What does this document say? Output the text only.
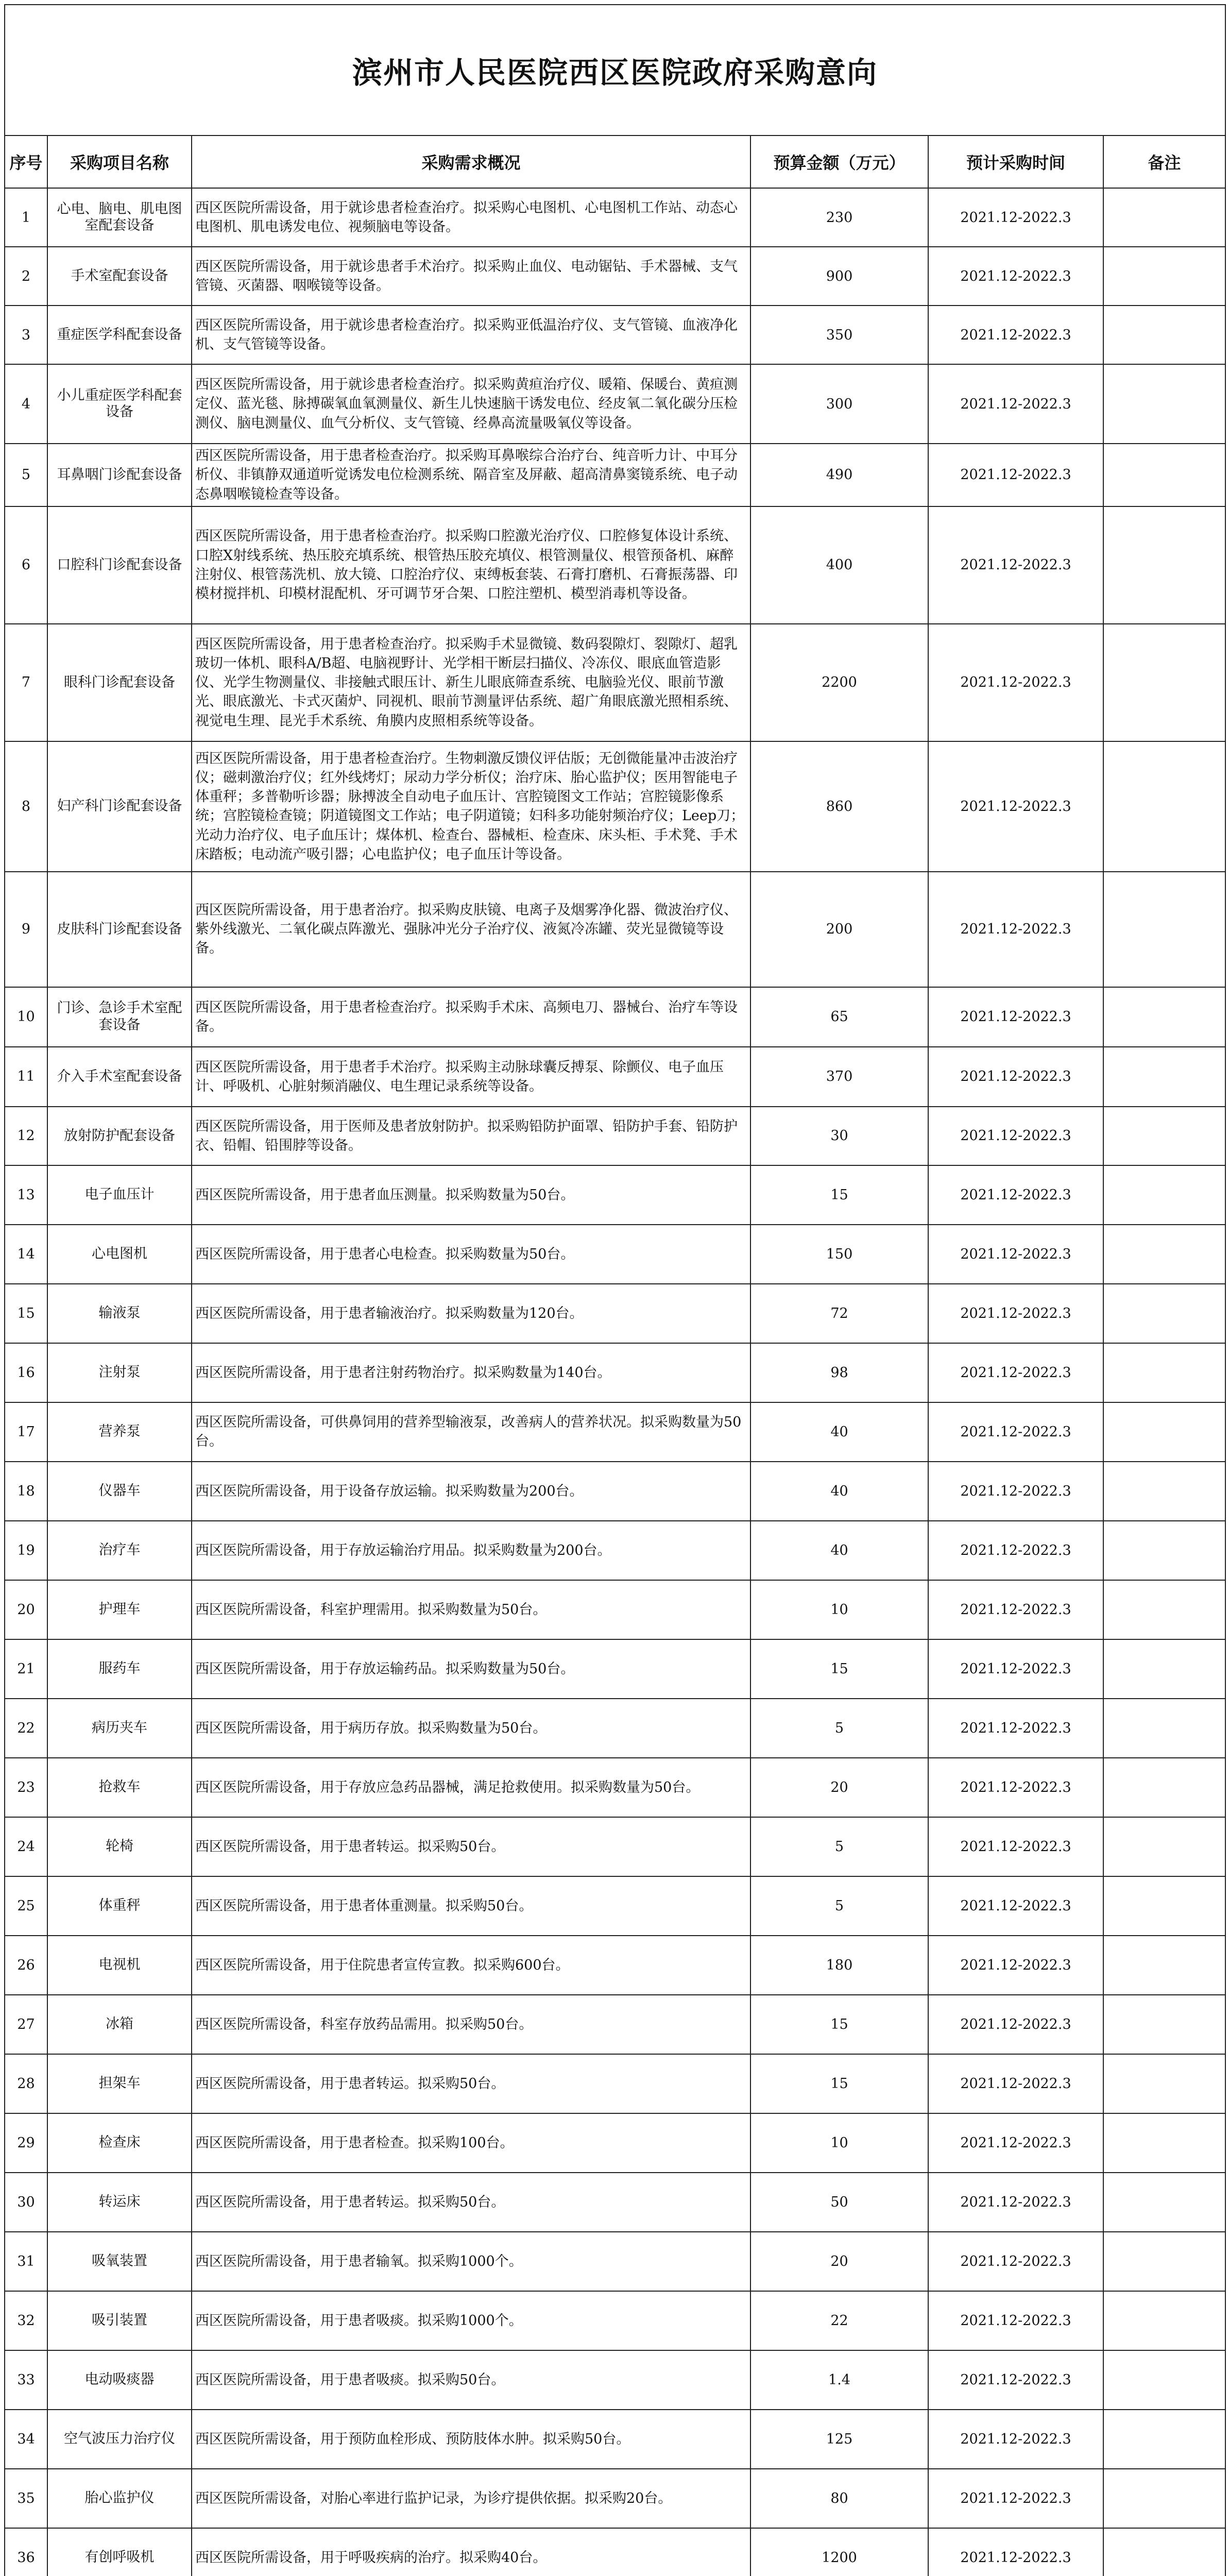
滨州市人民医院西区医院政府采购意向					
序号	采购项目名称	采购需求概况	预算金额（万元）	预计采购时间	备注
1	心电、脑电、肌电图室配套设备	西区医院所需设备，用于就诊患者检查治疗。拟采购心电图机、心电图机工作站、动态心电图机、肌电诱发电位、视频脑电等设备。	230	2021.12-2022.3	
2	手术室配套设备	西区医院所需设备，用于就诊患者手术治疗。拟采购止血仪、电动锯钻、手术器械、支气管镜、灭菌器、咽喉镜等设备。	900	2021.12-2022.3	
3	重症医学科配套设备	西区医院所需设备，用于就诊患者检查治疗。拟采购亚低温治疗仪、支气管镜、血液净化机、支气管镜等设备。	350	2021.12-2022.3	
4	小儿重症医学科配套设备	西区医院所需设备，用于就诊患者检查治疗。拟采购黄疸治疗仪、暖箱、保暖台、黄疸测定仪、蓝光毯、脉搏碳氧血氧测量仪、新生儿快速脑干诱发电位、经皮氧二氧化碳分压检测仪、脑电测量仪、血气分析仪、支气管镜、经鼻高流量吸氧仪等设备。	300	2021.12-2022.3	
5	耳鼻咽门诊配套设备	西区医院所需设备，用于患者检查治疗。拟采购耳鼻喉综合治疗台、纯音听力计、中耳分析仪、非镇静双通道听觉诱发电位检测系统、隔音室及屏蔽、超高清鼻窦镜系统、电子动态鼻咽喉镜检查等设备。	490	2021.12-2022.3	
6	口腔科门诊配套设备	西区医院所需设备，用于患者检查治疗。拟采购口腔激光治疗仪、口腔修复体设计系统、口腔X射线系统、热压胶充填系统、根管热压胶充填仪、根管测量仪、根管预备机、麻醉注射仪、根管荡洗机、放大镜、口腔治疗仪、束缚板套装、石膏打磨机、石膏振荡器、印模材搅拌机、印模材混配机、牙可调节牙合架、口腔注塑机、模型消毒机等设备。	400	2021.12-2022.3	
7	眼科门诊配套设备	西区医院所需设备，用于患者检查治疗。拟采购手术显微镜、数码裂隙灯、裂隙灯、超乳玻切一体机、眼科A/B超、电脑视野计、光学相干断层扫描仪、冷冻仪、眼底血管造影仪、光学生物测量仪、非接触式眼压计、新生儿眼底筛查系统、电脑验光仪、眼前节激光、眼底激光、卡式灭菌炉、同视机、眼前节测量评估系统、超广角眼底激光照相系统、视觉电生理、昆光手术系统、角膜内皮照相系统等设备。	2200	2021.12-2022.3	
8	妇产科门诊配套设备	西区医院所需设备，用于患者检查治疗。生物刺激反馈仪评估版；无创微能量冲击波治疗仪；磁刺激治疗仪；红外线烤灯；尿动力学分析仪；治疗床、胎心监护仪；医用智能电子体重秤；多普勒听诊器；脉搏波全自动电子血压计、宫腔镜图文工作站；宫腔镜影像系统；宫腔镜检查镜；阴道镜图文工作站；电子阴道镜；妇科多功能射频治疗仪；Leep刀；光动力治疗仪、电子血压计；煤体机、检查台、器械柜、检查床、床头柜、手术凳、手术床踏板；电动流产吸引器；心电监护仪；电子血压计等设备。	860	2021.12-2022.3	
9	皮肤科门诊配套设备	西区医院所需设备，用于患者治疗。拟采购皮肤镜、电离子及烟雾净化器、微波治疗仪、紫外线激光、二氧化碳点阵激光、强脉冲光分子治疗仪、液氮冷冻罐、荧光显微镜等设备。	200	2021.12-2022.3	
10	门诊、急诊手术室配套设备	西区医院所需设备，用于患者检查治疗。拟采购手术床、高频电刀、器械台、治疗车等设备。	65	2021.12-2022.3	
11	介入手术室配套设备	西区医院所需设备，用于患者手术治疗。拟采购主动脉球囊反搏泵、除颤仪、电子血压计、呼吸机、心脏射频消融仪、电生理记录系统等设备。	370	2021.12-2022.3	
12	放射防护配套设备	西区医院所需设备，用于医师及患者放射防护。拟采购铅防护面罩、铅防护手套、铅防护衣、铅帽、铅围脖等设备。	30	2021.12-2022.3	
13	电子血压计	西区医院所需设备，用于患者血压测量。拟采购数量为50台。	15	2021.12-2022.3	
14	心电图机	西区医院所需设备，用于患者心电检查。拟采购数量为50台。	150	2021.12-2022.3	
15	输液泵	西区医院所需设备，用于患者输液治疗。拟采购数量为120台。	72	2021.12-2022.3	
16	注射泵	西区医院所需设备，用于患者注射药物治疗。拟采购数量为140台。	98	2021.12-2022.3	
17	营养泵	西区医院所需设备，可供鼻饲用的营养型输液泵，改善病人的营养状况。拟采购数量为50台。	40	2021.12-2022.3	
18	仪器车	西区医院所需设备，用于设备存放运输。拟采购数量为200台。	40	2021.12-2022.3	
19	治疗车	西区医院所需设备，用于存放运输治疗用品。拟采购数量为200台。	40	2021.12-2022.3	
20	护理车	西区医院所需设备，科室护理需用。拟采购数量为50台。	10	2021.12-2022.3	
21	服药车	西区医院所需设备，用于存放运输药品。拟采购数量为50台。	15	2021.12-2022.3	
22	病历夹车	西区医院所需设备，用于病历存放。拟采购数量为50台。	5	2021.12-2022.3	
23	抢救车	西区医院所需设备，用于存放应急药品器械，满足抢救使用。拟采购数量为50台。	20	2021.12-2022.3	
24	轮椅	西区医院所需设备，用于患者转运。拟采购50台。	5	2021.12-2022.3	
25	体重秤	西区医院所需设备，用于患者体重测量。拟采购50台。	5	2021.12-2022.3	
26	电视机	西区医院所需设备，用于住院患者宣传宣教。拟采购600台。	180	2021.12-2022.3	
27	冰箱	西区医院所需设备，科室存放药品需用。拟采购50台。	15	2021.12-2022.3	
28	担架车	西区医院所需设备，用于患者转运。拟采购50台。	15	2021.12-2022.3	
29	检查床	西区医院所需设备，用于患者检查。拟采购100台。	10	2021.12-2022.3	
30	转运床	西区医院所需设备，用于患者转运。拟采购50台。	50	2021.12-2022.3	
31	吸氧装置	西区医院所需设备，用于患者输氧。拟采购1000个。	20	2021.12-2022.3	
32	吸引装置	西区医院所需设备，用于患者吸痰。拟采购1000个。	22	2021.12-2022.3	
33	电动吸痰器	西区医院所需设备，用于患者吸痰。拟采购50台。	1.4	2021.12-2022.3	
34	空气波压力治疗仪	西区医院所需设备，用于预防血栓形成、预防肢体水肿。拟采购50台。	125	2021.12-2022.3	
35	胎心监护仪	西区医院所需设备，对胎心率进行监护记录，为诊疗提供依据。拟采购20台。	80	2021.12-2022.3	
36	有创呼吸机	西区医院所需设备，用于呼吸疾病的治疗。拟采购40台。	1200	2021.12-2022.3	
